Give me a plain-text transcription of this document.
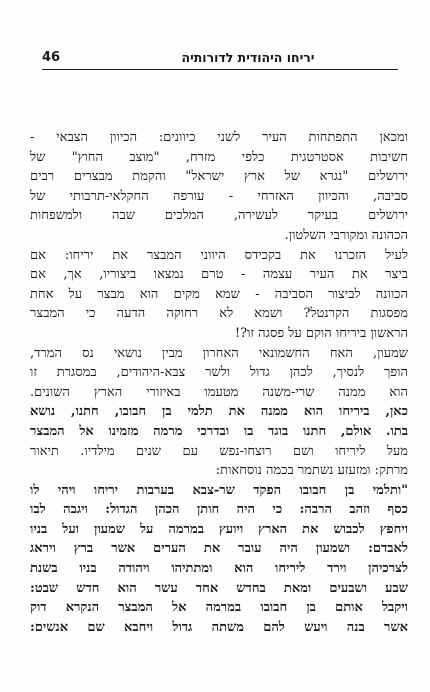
46	יריחו היהודית לדורותיה
ומכאן התפתחות העיר לשני כיוונים: הכיוון הצבאי -
חשיבות אסטרטגית כלפי מזרח, "מוצב החוץ" של
ירושלים "נגרא של ארץ ישראל" והקמת מבצרים רבים
סביבה, והכיוון האזרחי - עורפה החקלאי-תרבותי של
ירושלים בעיקר לעשירה, המלכים שבה ולמשפחות
הכהונה ומקורבי השלטון.
לעיל הזכרנו את בקכידס היווני המבצר את יריחו: אם
ביצר את העיר עצמה - טרם נמצאו ביצוריו, אך, אם
הכוונה לביצור הסביבה - שמא מקים הוא מבצר על אחת
מפסגות הקרנטל? ושמא לא רחוקה הדעה כי המבצר
הראשון ביריחו הוקם על פסגה זו?!
שמעון, האח החשמונאי האחרון מבין נושאי נס המרד,
הופך לנסיך, לכהן גדול ולשר צבא-היהודים, במסגרת זו
הוא ממנה שרי-משנה מטעמו באיזורי הארץ השונים.
כאן, ביריחו הוא ממנה את תלמי בן חבובו, חתנו, נושא
בתו. אולם, חתנו בוגד בו ובדרכי מרמה מזמינו אל המבצר
מעל ליריחו ושם רוצחו-נפש עם שנים מילדיו. תיאור
מרתק: ומזעזע נשתמר בכמה נוסחאות:
"ותלמי בן חבובו הפקד שר-צבא בערבות יריחו ויהי לו
כסף וזהב הרבה: כי היה חותן הכהן הגדול: ויגבה לבו
ויחפץ לכבוש את הארץ ויועץ במרמה על שמעון ועל בניו
לאבדם: ושמעון היה עובר את הערים אשר ברץ ויראג
לצרכיהן וירד ליריחו הוא ומתתיהו ויהודה בניו בשנת
שבע ושבעים ומאת בחדש אחד עשר הוא חדש שבט:
ויקבל אותם בן חבובו במרמה אל המבצר הנקרא דוק
אשר בנה ויעש להם משתה גדול ויחבא שם אנשים:
